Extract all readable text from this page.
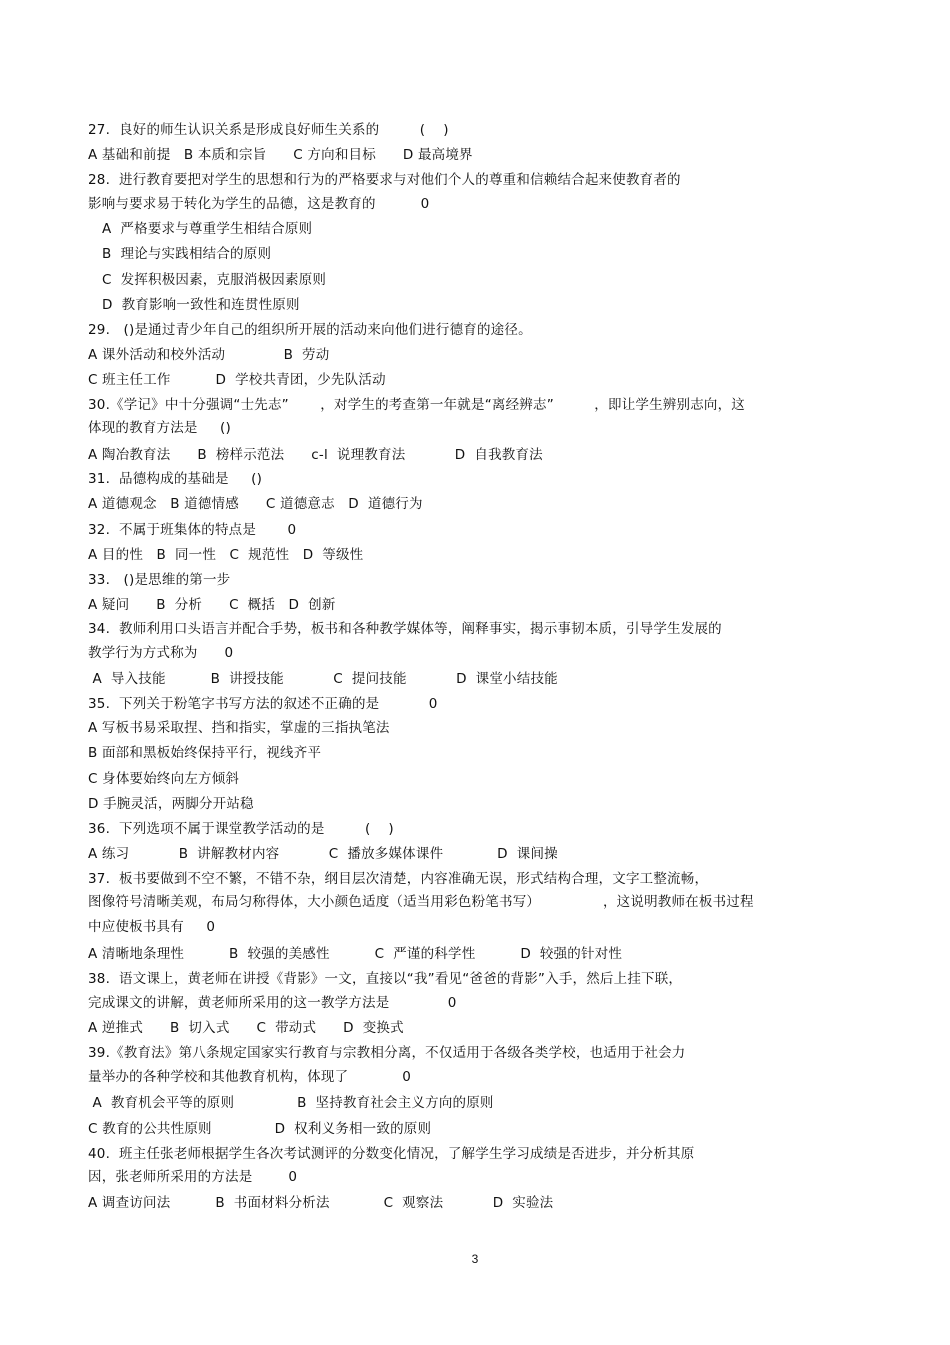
27.  良好的师生认识关系是形成良好师生关系的         (    )
A 基础和前提   B 本质和宗旨      C 方向和目标      D 最高境界
28.  进行教育要把对学生的思想和行为的严格要求与对他们个人的尊重和信赖结合起来使教育者的
影响与要求易于转化为学生的品德，这是教育的          0
A  严格要求与尊重学生相结合原则
B  理论与实践相结合的原则
C  发挥积极因素，克服消极因素原则
D  教育影响一致性和连贯性原则
29.   ()是通过青少年自己的组织所开展的活动来向他们进行德育的途径。
A 课外活动和校外活动             B  劳动
C 班主任工作          D  学校共青团，少先队活动
30.《学记》中十分强调“士先志”       ，对学生的考查第一年就是“离经辨志”         ，即让学生辨别志向，这
体现的教育方法是     ()
A 陶冶教育法      B  榜样示范法      c-l  说理教育法           D  自我教育法
31.  品德构成的基础是     ()
A 道德观念   B 道德情感      C 道德意志   D  道德行为
32.  不属于班集体的特点是       0
A 目的性   B  同一性   C  规范性   D  等级性
33.   ()是思维的第一步
A 疑问      B  分析      C  概括   D  创新
34.  教师利用口头语言并配合手势，板书和各种教学媒体等，阐释事实，揭示事韧本质，引导学生发展的
教学行为方式称为      0
A  导入技能          B  讲授技能           C  提问技能           D  课堂小结技能
35.  下列关于粉笔字书写方法的叙述不正确的是           0
A 写板书易采取捏、挡和指实，掌虚的三指执笔法
B 面部和黑板始终保持平行，视线齐平
C 身体要始终向左方倾斜
D 手腕灵活，两脚分开站稳
36.  下列选项不属于课堂教学活动的是         (    )
A 练习           B  讲解教材内容           C  播放多媒体课件            D  课间操
37.  板书要做到不空不繁，不错不杂，纲目层次清楚，内容准确无误，形式结构合理，文字工整流畅，
图像符号清晰美观，布局匀称得体，大小颜色适度（适当用彩色粉笔书写）              ，这说明教师在板书过程
中应使板书具有     0
A 清晰地条理性          B  较强的美感性          C  严谨的科学性          D  较强的针对性
38.  语文课上，黄老师在讲授《背影》一文，直接以“我”看见“爸爸的背影”入手，然后上挂下联，
完成课文的讲解，黄老师所采用的这一教学方法是             0
A 逆推式      B  切入式      C  带动式      D  变换式
39.《教育法》第八条规定国家实行教育与宗教相分离，不仅适用于各级各类学校，也适用于社会力
量举办的各种学校和其他教育机构，体现了            0
A  教育机会平等的原则              B  坚持教育社会主义方向的原则
C 教育的公共性原则              D  权利义务相一致的原则
40.  班主任张老师根据学生各次考试测评的分数变化情况，了解学生学习成绩是否进步，并分析其原
因，张老师所采用的方法是        0
A 调查访问法          B  书面材料分析法            C  观察法           D  实验法
3
